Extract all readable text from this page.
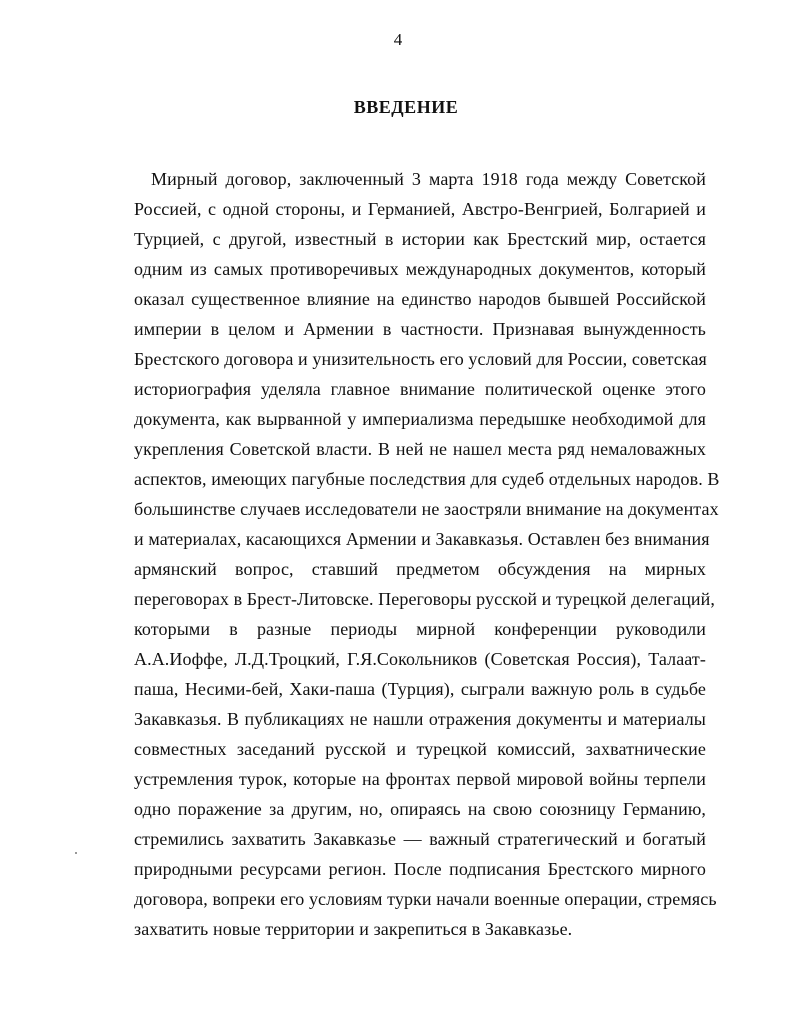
4
ВВЕДЕНИЕ
Мирный договор, заключенный 3 марта 1918 года между Советской
Россией, с одной стороны, и Германией, Австро-Венгрией, Болгарией и
Турцией, с другой, известный в истории как Брестский мир, остается
одним из самых противоречивых международных документов, который
оказал существенное влияние на единство народов бывшей Российской
империи в целом и Армении в частности. Признавая вынужденность
Брестского договора и унизительность его условий для России, советская
историография уделяла главное внимание политической оценке этого
документа, как вырванной у империализма передышке необходимой для
укрепления Советской власти. В ней не нашел места ряд немаловажных
аспектов, имеющих пагубные последствия для судеб отдельных народов. В
большинстве случаев исследователи не заостряли внимание на документах
и материалах, касающихся Армении и Закавказья. Оставлен без внимания
армянский вопрос, ставший предметом обсуждения на мирных
переговорах в Брест-Литовске. Переговоры русской и турецкой делегаций,
которыми в разные периоды мирной конференции руководили
А.А.Иоффе, Л.Д.Троцкий, Г.Я.Сокольников (Советская Россия), Талаат-
паша, Несими-бей, Хаки-паша (Турция), сыграли важную роль в судьбе
Закавказья. В публикациях не нашли отражения документы и материалы
совместных заседаний русской и турецкой комиссий, захватнические
устремления турок, которые на фронтах первой мировой войны терпели
одно поражение за другим, но, опираясь на свою союзницу Германию,
стремились захватить Закавказье — важный стратегический и богатый
природными ресурсами регион. После подписания Брестского мирного
договора, вопреки его условиям турки начали военные операции, стремясь
захватить новые территории и закрепиться в Закавказье.
